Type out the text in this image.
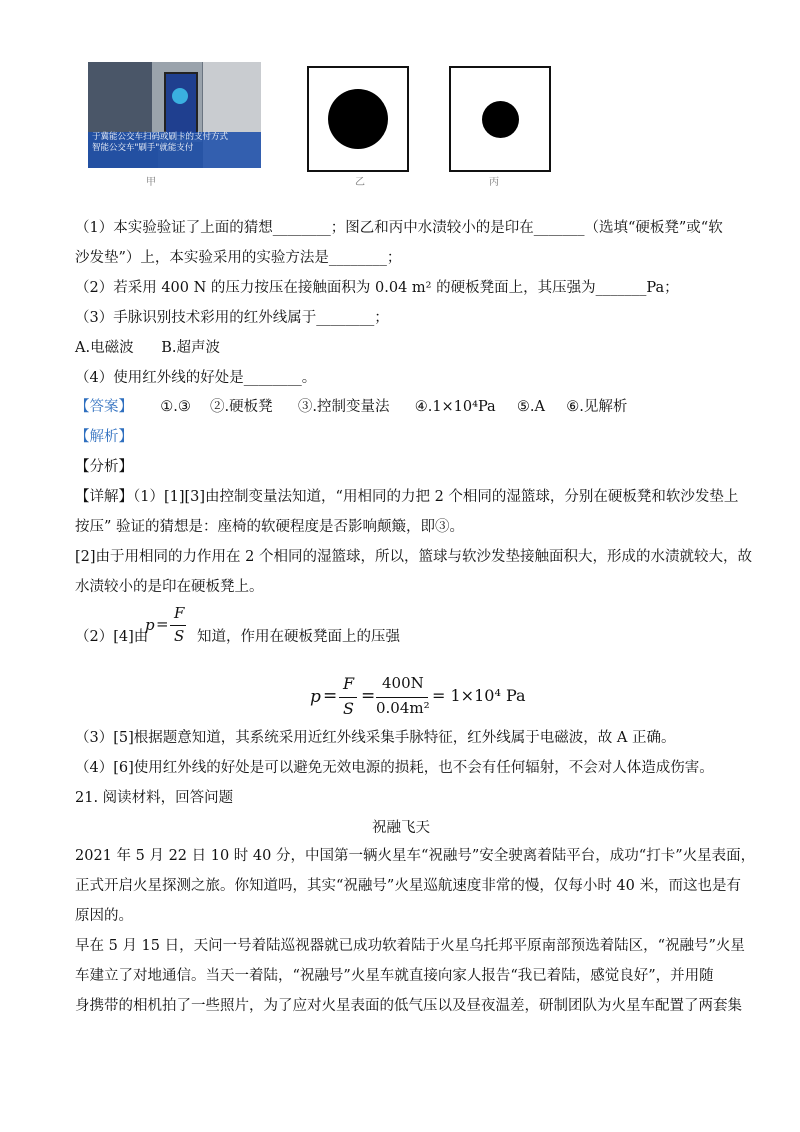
于冀能公交车扫码或刷卡的支付方式
智能公交车"刷手"就能支付
甲	乙	丙
（1）本实验验证了上面的猜想________；图乙和丙中水渍较小的是印在_______（选填“硬板凳”或“软
沙发垫”）上，本实验采用的实验方法是________；
（2）若采用 400 N 的压力按压在接触面积为 0.04 m² 的硬板凳面上，其压强为_______Pa；
（3）手脉识别技术彩用的红外线属于________；
A.电磁波      B.超声波
（4）使用红外线的好处是________。
【答案】 ①.③ ②.硬板凳 ③.控制变量法 ④.1×10⁴Pa ⑤.A ⑥.见解析
【解析】
【分析】
【详解】（1）[1][3]由控制变量法知道，“用相同的力把 2 个相同的湿篮球，分别在硬板凳和软沙发垫上
按压” 验证的猜想是：座椅的软硬程度是否影响颠簸，即③。
[2]由于用相同的力作用在 2 个相同的湿篮球，所以，篮球与软沙发垫接触面积大，形成的水渍就较大，故
水渍较小的是印在硬板凳上。
（2）[4]由
p =
F
S 知道，作用在硬板凳面上的压强
p =
F
S
=
400N
0.04m²
= 1×10⁴ Pa
（3）[5]根据题意知道，其系统采用近红外线采集手脉特征，红外线属于电磁波，故 A 正确。
（4）[6]使用红外线的好处是可以避免无效电源的损耗，也不会有任何辐射，不会对人体造成伤害。
21. 阅读材料，回答问题
祝融飞天
2021 年 5 月 22 日 10 时 40 分，中国第一辆火星车“祝融号”安全驶离着陆平台，成功“打卡”火星表面，
正式开启火星探测之旅。你知道吗，其实“祝融号”火星巡航速度非常的慢，仅每小时 40 米，而这也是有
原因的。
早在 5 月 15 日，天问一号着陆巡视器就已成功软着陆于火星乌托邦平原南部预选着陆区，“祝融号”火星
车建立了对地通信。当天一着陆，“祝融号”火星车就直接向家人报告“我已着陆，感觉良好”，并用随
身携带的相机拍了一些照片，为了应对火星表面的低气压以及昼夜温差，研制团队为火星车配置了两套集
